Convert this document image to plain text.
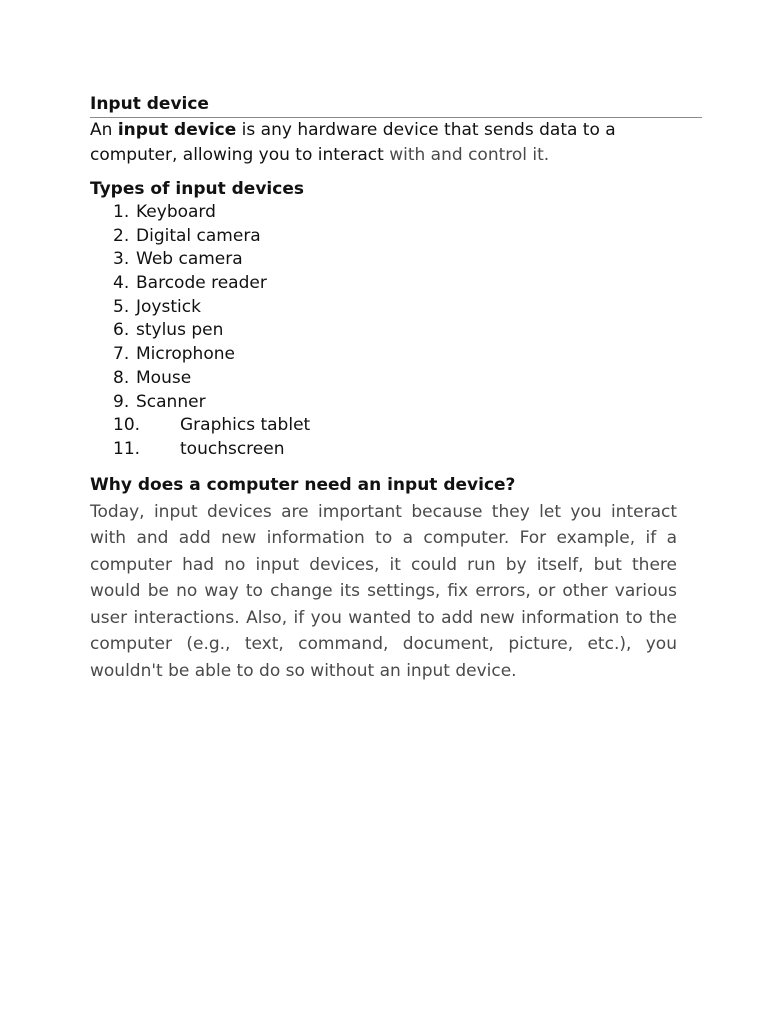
Input device

An input device is any hardware device that sends data to a computer, allowing you to interact with and control it.

Types of input devices
1. Keyboard
2. Digital camera
3. Web camera
4. Barcode reader
5. Joystick
6. stylus pen
7. Microphone
8. Mouse
9. Scanner
10. Graphics tablet
11. touchscreen
Why does a computer need an input device?

Today, input devices are important because they let you interact with and add new information to a computer. For example, if a computer had no input devices, it could run by itself, but there would be no way to change its settings, fix errors, or other various user interactions. Also, if you wanted to add new information to the computer (e.g., text, command, document, picture, etc.), you wouldn't be able to do so without an input device.
